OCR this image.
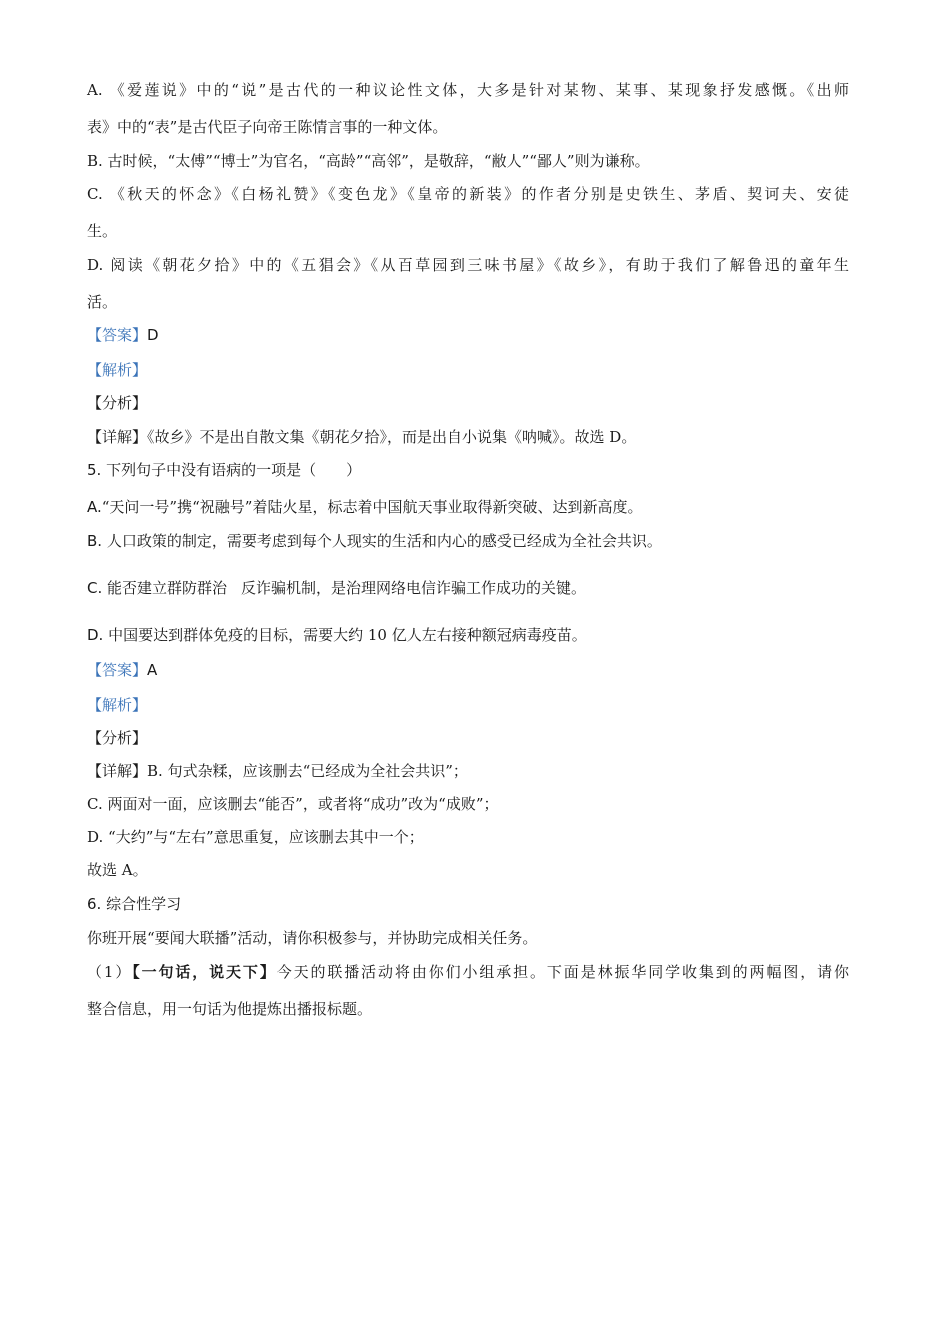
A. 《爱莲说》中的“说”是古代的一种议论性文体，大多是针对某物、某事、某现象抒发感慨。《出师
表》中的“表”是古代臣子向帝王陈情言事的一种文体。
B. 古时候，“太傅”“博士”为官名，“高龄”“高邻”，是敬辞，“敝人”“鄙人”则为谦称。
C. 《秋天的怀念》《白杨礼赞》《变色龙》《皇帝的新装》的作者分别是史铁生、茅盾、契诃夫、安徒
生。
D. 阅读《朝花夕拾》中的《五猖会》《从百草园到三味书屋》《故乡》，有助于我们了解鲁迅的童年生
活。
【答案】D
【解析】
【分析】
【详解】《故乡》不是出自散文集《朝花夕拾》，而是出自小说集《呐喊》。故选 D。
5. 下列句子中没有语病的一项是（　　）
A.“天问一号”携“祝融号”着陆火星，标志着中国航天事业取得新突破、达到新高度。
B. 人口政策的制定，需要考虑到每个人现实的生活和内心的感受已经成为全社会共识。
C. 能否建立群防群治 反诈骗机制，是治理网络电信诈骗工作成功的关键。
D. 中国要达到群体免疫的目标，需要大约 10 亿人左右接种额冠病毒疫苗。
【答案】A
【解析】
【分析】
【详解】B. 句式杂糅，应该删去“已经成为全社会共识”；
C. 两面对一面，应该删去“能否”，或者将“成功”改为“成败”；
D. “大约”与“左右”意思重复，应该删去其中一个；
故选 A。
6. 综合性学习
你班开展“要闻大联播”活动，请你积极参与，并协助完成相关任务。
（1）【一句话，说天下】今天的联播活动将由你们小组承担。下面是林振华同学收集到的两幅图，请你
整合信息，用一句话为他提炼出播报标题。
